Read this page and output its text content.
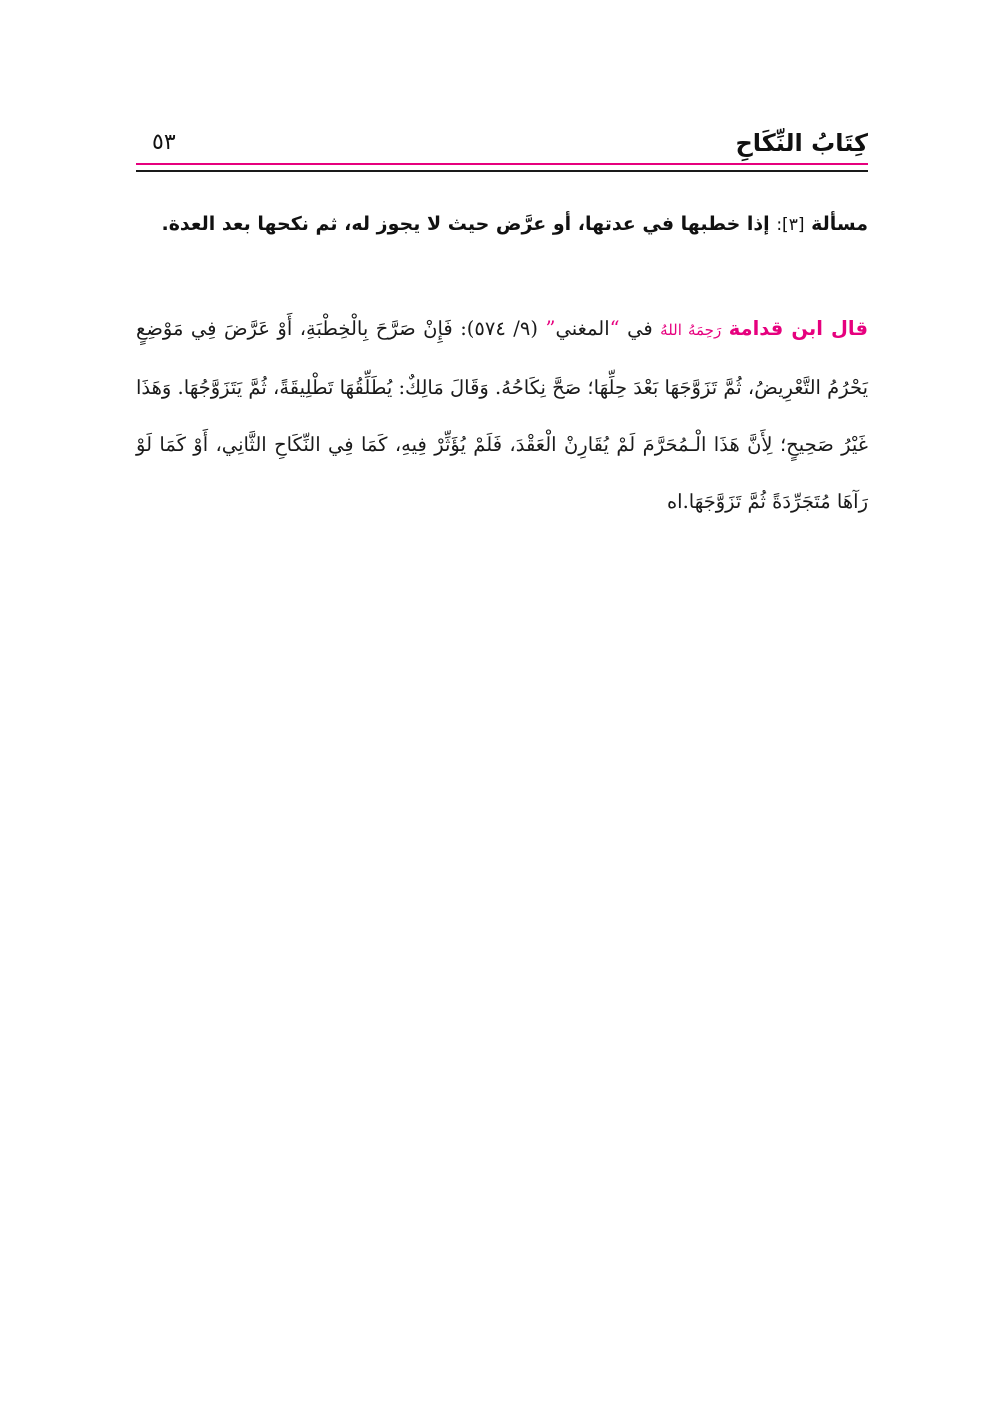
كِتَابُ النِّكَاحِ
٥٣
مسألة [٣]: إذا خطبها في عدتها، أو عرَّض حيث لا يجوز له، ثم نكحها بعد العدة.
قال ابن قدامة رَحِمَهُ اللهُ في “المغني” (٩/ ٥٧٤): فَإِنْ صَرَّحَ بِالْخِطْبَةِ، أَوْ عَرَّضَ فِي مَوْضِعٍ يَحْرُمُ التَّعْرِيضُ، ثُمَّ تَزَوَّجَهَا بَعْدَ حِلِّهَا؛ صَحَّ نِكَاحُهُ. وَقَالَ مَالِكٌ: يُطَلِّقُهَا تَطْلِيقَةً، ثُمَّ يَتَزَوَّجُهَا. وَهَذَا غَيْرُ صَحِيحٍ؛ لِأَنَّ هَذَا الْـمُحَرَّمَ لَمْ يُقَارِنْ الْعَقْدَ، فَلَمْ يُؤَثِّرْ فِيهِ، كَمَا فِي النِّكَاحِ الثَّانِي، أَوْ كَمَا لَوْ رَآهَا مُتَجَرِّدَةً ثُمَّ تَزَوَّجَهَا.اه
